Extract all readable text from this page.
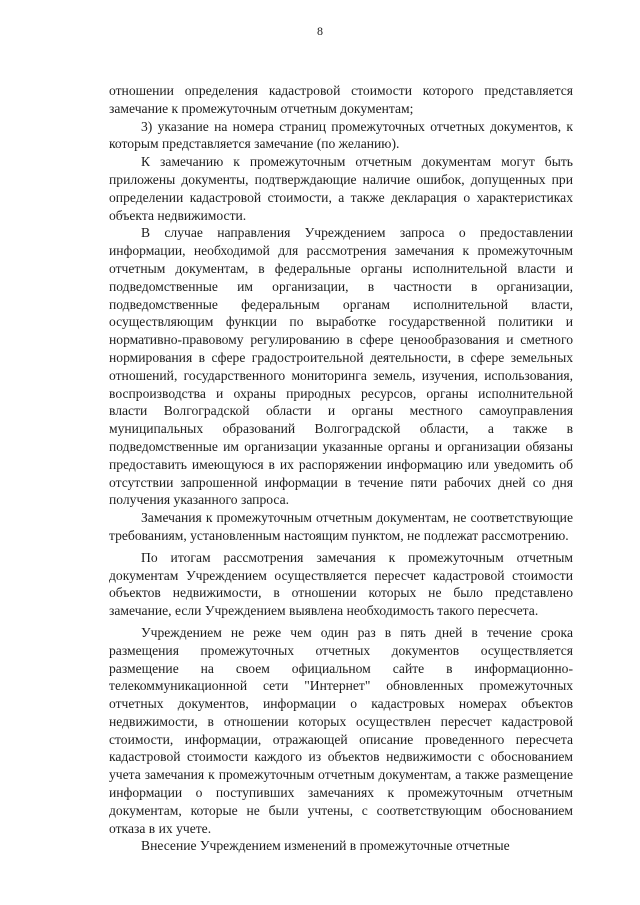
8

отношении определения кадастровой стоимости которого представляется замечание к промежуточным отчетным документам;

3) указание на номера страниц промежуточных отчетных документов, к которым представляется замечание (по желанию).

К замечанию к промежуточным отчетным документам могут быть приложены документы, подтверждающие наличие ошибок, допущенных при определении кадастровой стоимости, а также декларация о характеристиках объекта недвижимости.

В случае направления Учреждением запроса о предоставлении информации, необходимой для рассмотрения замечания к промежуточным отчетным документам, в федеральные органы исполнительной власти и подведомственные им организации, в частности в организации, подведомственные федеральным органам исполнительной власти, осуществляющим функции по выработке государственной политики и нормативно-правовому регулированию в сфере ценообразования и сметного нормирования в сфере градостроительной деятельности, в сфере земельных отношений, государственного мониторинга земель, изучения, использования, воспроизводства и охраны природных ресурсов, органы исполнительной власти Волгоградской области и органы местного самоуправления муниципальных образований Волгоградской области, а также в подведомственные им организации указанные органы и организации обязаны предоставить имеющуюся в их распоряжении информацию или уведомить об отсутствии запрошенной информации в течение пяти рабочих дней со дня получения указанного запроса.

Замечания к промежуточным отчетным документам, не соответствующие требованиям, установленным настоящим пунктом, не подлежат рассмотрению.

По итогам рассмотрения замечания к промежуточным отчетным документам Учреждением осуществляется пересчет кадастровой стоимости объектов недвижимости, в отношении которых не было представлено замечание, если Учреждением выявлена необходимость такого пересчета.

Учреждением не реже чем один раз в пять дней в течение срока размещения промежуточных отчетных документов осуществляется размещение на своем официальном сайте в информационно-телекоммуникационной сети "Интернет" обновленных промежуточных отчетных документов, информации о кадастровых номерах объектов недвижимости, в отношении которых осуществлен пересчет кадастровой стоимости, информации, отражающей описание проведенного пересчета кадастровой стоимости каждого из объектов недвижимости с обоснованием учета замечания к промежуточным отчетным документам, а также размещение информации о поступивших замечаниях к промежуточным отчетным документам, которые не были учтены, с соответствующим обоснованием отказа в их учете.

Внесение Учреждением изменений в промежуточные отчетные
